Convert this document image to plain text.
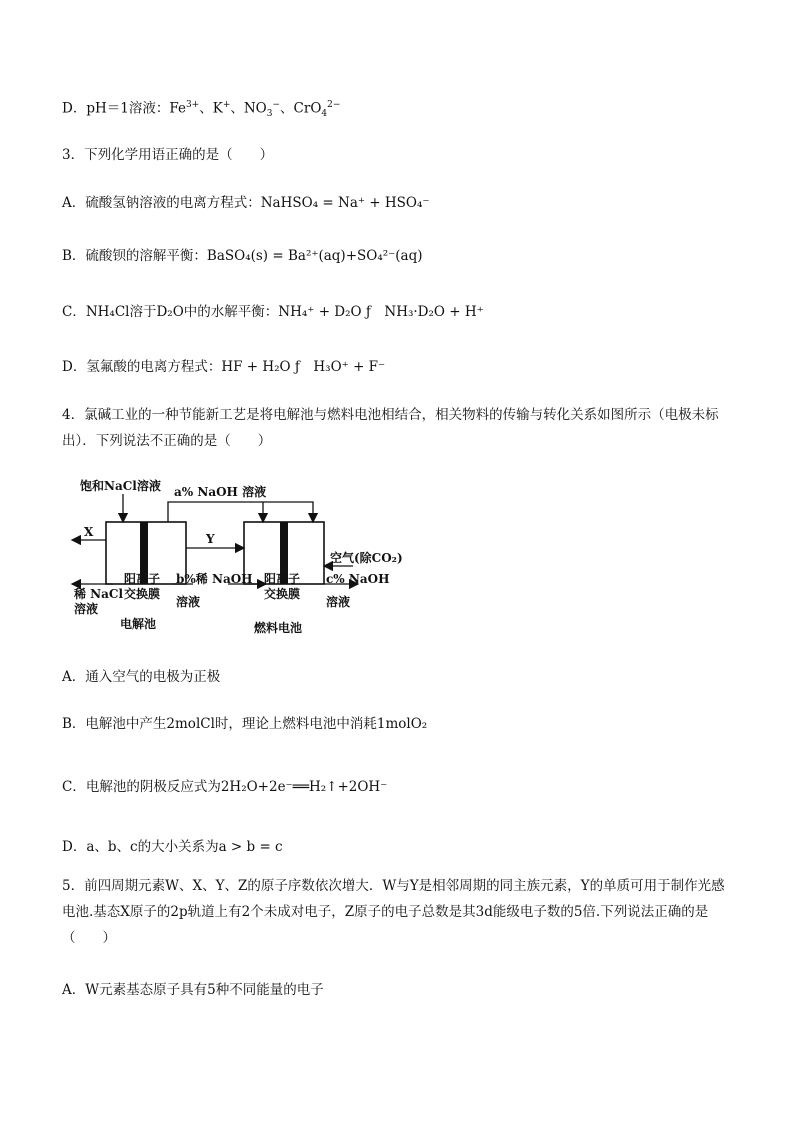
D．pH＝1溶液：$Fe^{3+}$、K+、$NO_3^-$、CrO$_4^{2-}$
3．下列化学用语正确的是（　　）
A．硫酸氢钠溶液的电离方程式：NaHSO₄ = Na⁺ + HSO₄⁻
B．硫酸钡的溶解平衡：BaSO₄(s) = Ba²⁺(aq)+SO₄²⁻(aq)
C．NH₄Cl溶于D₂O中的水解平衡：NH₄⁺ + D₂O ƒ　NH₃·D₂O + H⁺
D．氢氟酸的电离方程式：HF + H₂O ƒ　H₃O⁺ + F⁻
4．氯碱工业的一种节能新工艺是将电解池与燃料电池相结合，相关物料的传输与转化关系如图所示（电极未标出）．下列说法不正确的是（　　）
饱和NaCl溶液 a% NaOH 溶液
X	Y
空气(除CO₂)
稀 NaCl
溶液
阳离子
交换膜
b%稀 NaOH
溶液
阳离子
交换膜
c% NaOH
溶液
电解池	燃料电池
A．通入空气的电极为正极
B．电解池中产生2molCl时，理论上燃料电池中消耗1molO₂
C．电解池的阴极反应式为2H₂O+2e⁻══H₂↑+2OH⁻
D．a、b、c的大小关系为a > b = c
5．前四周期元素W、X、Y、Z的原子序数依次增大．W与Y是相邻周期的同主族元素，Y的单质可用于制作光感电池.基态X原子的2p轨道上有2个未成对电子，Z原子的电子总数是其3d能级电子数的5倍.下列说法正确的是（　　）
A．W元素基态原子具有5种不同能量的电子
